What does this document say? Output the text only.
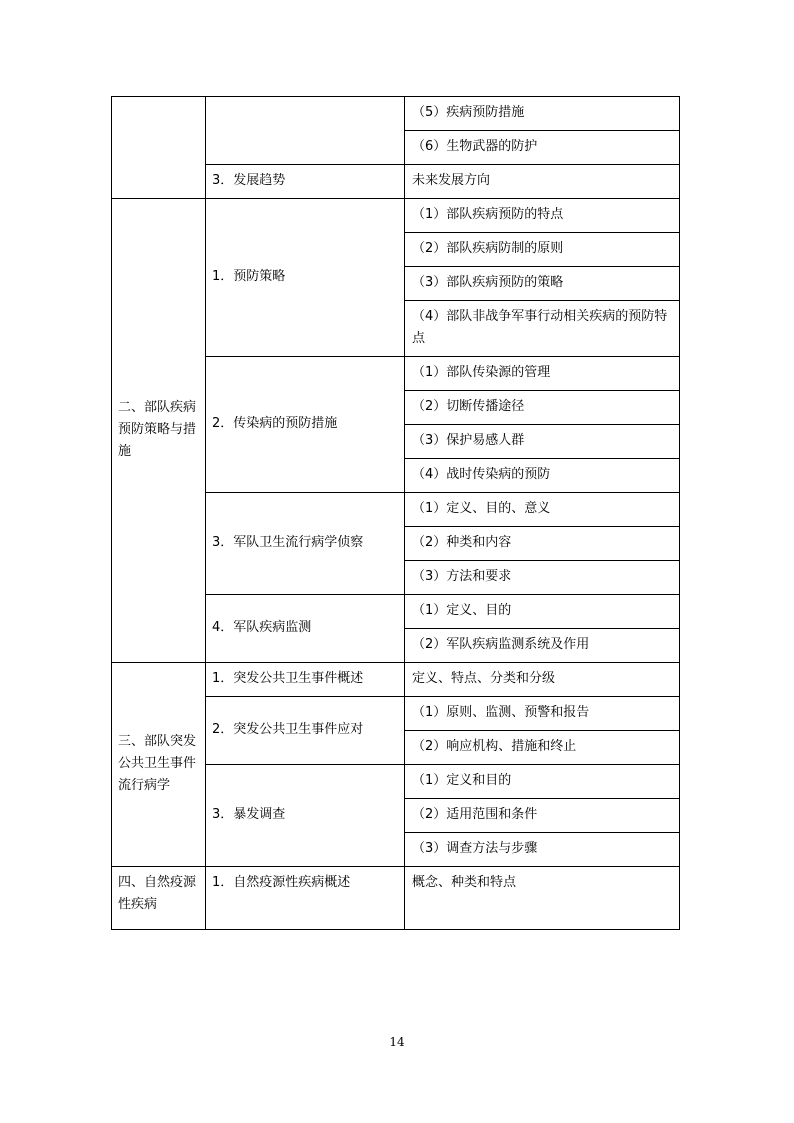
		（5）疾病预防措施
		（6）生物武器的防护
	3．发展趋势	未来发展方向
二、部队疾病预防策略与措施	1．预防策略	（1）部队疾病预防的特点
		（2）部队疾病防制的原则
		（3）部队疾病预防的策略
		（4）部队非战争军事行动相关疾病的预防特点
	2．传染病的预防措施	（1）部队传染源的管理
		（2）切断传播途径
		（3）保护易感人群
		（4）战时传染病的预防
	3．军队卫生流行病学侦察	（1）定义、目的、意义
		（2）种类和内容
		（3）方法和要求
	4．军队疾病监测	（1）定义、目的
		（2）军队疾病监测系统及作用
三、部队突发公共卫生事件流行病学	1．突发公共卫生事件概述	定义、特点、分类和分级
	2．突发公共卫生事件应对	（1）原则、监测、预警和报告
		（2）响应机构、措施和终止
	3．暴发调查	（1）定义和目的
		（2）适用范围和条件
		（3）调查方法与步骤
四、自然疫源性疾病	1．自然疫源性疾病概述	概念、种类和特点
14
